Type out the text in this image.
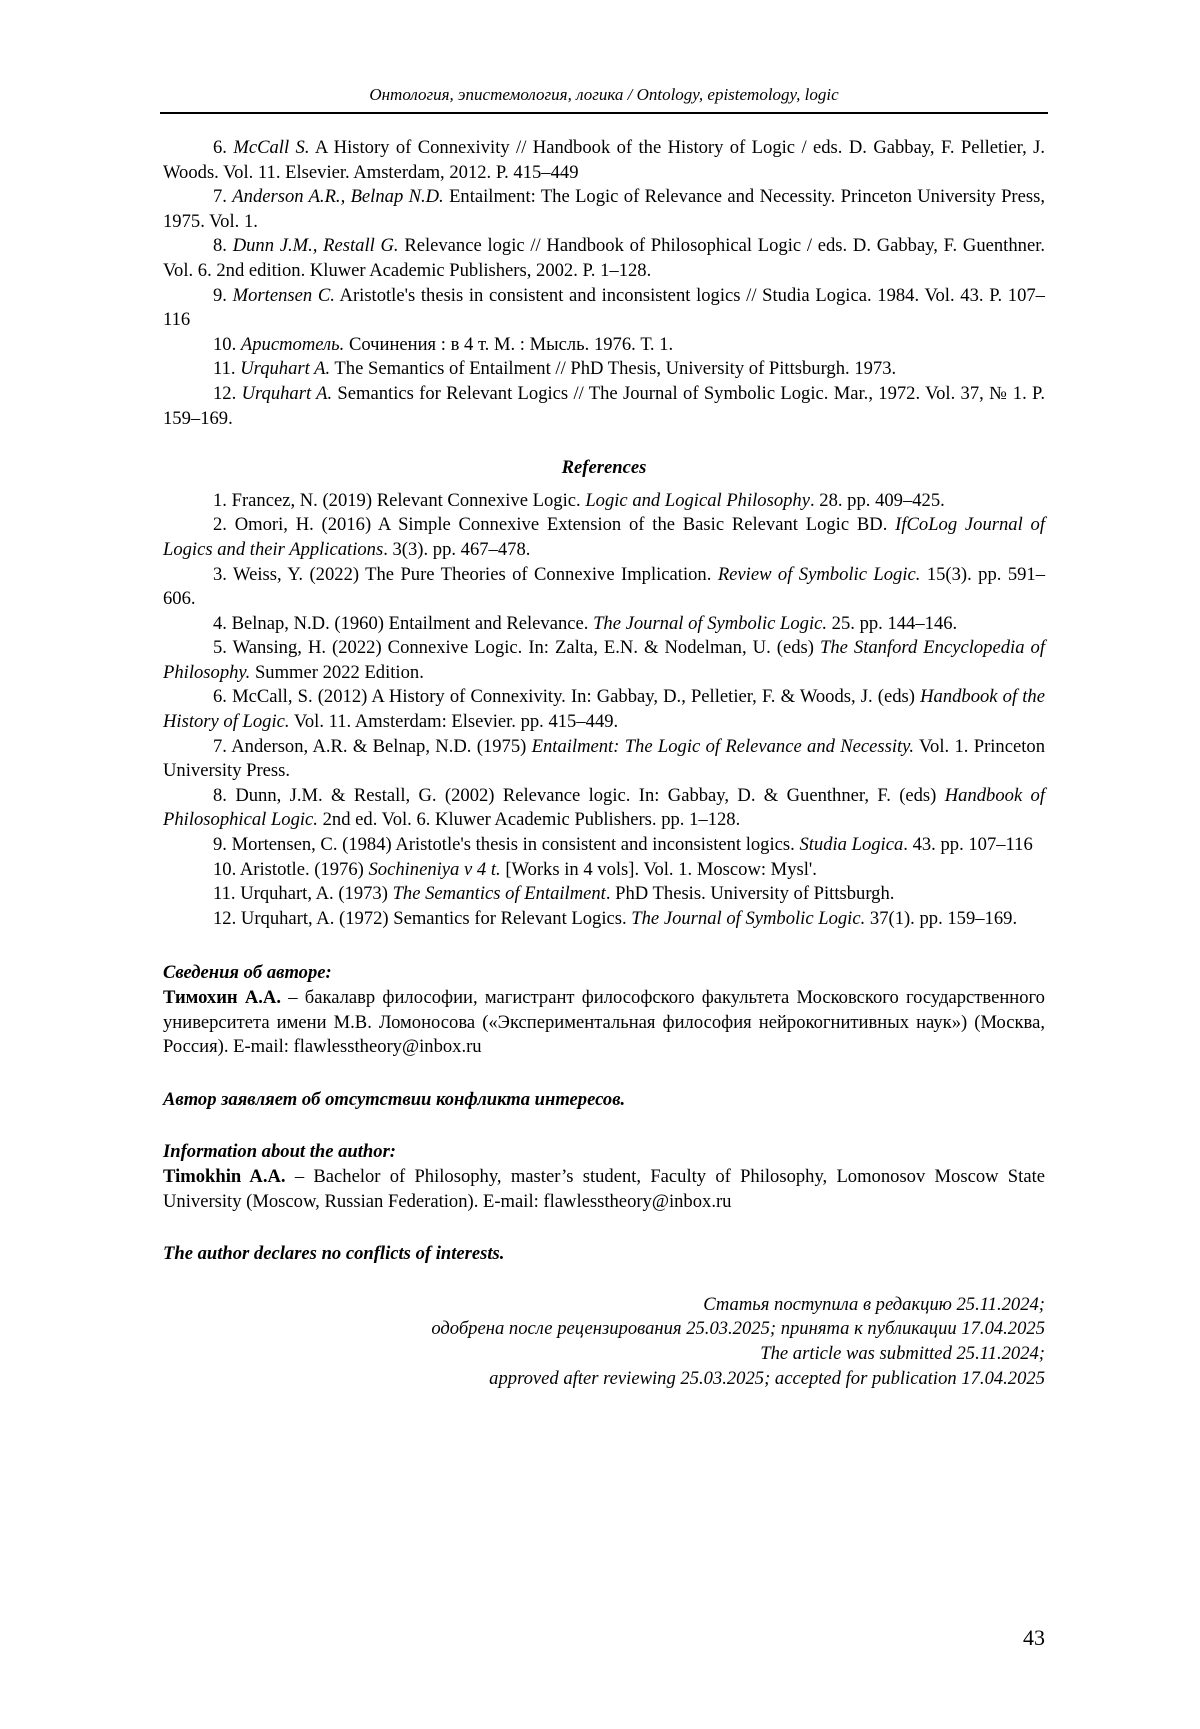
Онтология, эпистемология, логика / Ontology, epistemology, logic

6. McCall S. A History of Connexivity // Handbook of the History of Logic / eds. D. Gabbay, F. Pelletier, J. Woods. Vol. 11. Elsevier. Amsterdam, 2012. P. 415–449

7. Anderson A.R., Belnap N.D. Entailment: The Logic of Relevance and Necessity. Princeton University Press, 1975. Vol. 1.

8. Dunn J.M., Restall G. Relevance logic // Handbook of Philosophical Logic / eds. D. Gabbay, F. Guenthner. Vol. 6. 2nd edition. Kluwer Academic Publishers, 2002. P. 1–128.

9. Mortensen C. Aristotle's thesis in consistent and inconsistent logics // Studia Logica. 1984. Vol. 43. P. 107–116

10. Аристотель. Сочинения : в 4 т. М. : Мысль. 1976. Т. 1.

11. Urquhart A. The Semantics of Entailment // PhD Thesis, University of Pittsburgh. 1973.

12. Urquhart A. Semantics for Relevant Logics // The Journal of Symbolic Logic. Mar., 1972. Vol. 37, № 1. P. 159–169.

References

1. Francez, N. (2019) Relevant Connexive Logic. Logic and Logical Philosophy. 28. pp. 409–425.

2. Omori, H. (2016) A Simple Connexive Extension of the Basic Relevant Logic BD. IfCoLog Journal of Logics and their Applications. 3(3). pp. 467–478.

3. Weiss, Y. (2022) The Pure Theories of Connexive Implication. Review of Symbolic Logic. 15(3). pp. 591–606.

4. Belnap, N.D. (1960) Entailment and Relevance. The Journal of Symbolic Logic. 25. pp. 144–146.

5. Wansing, H. (2022) Connexive Logic. In: Zalta, E.N. & Nodelman, U. (eds) The Stanford Encyclopedia of Philosophy. Summer 2022 Edition.

6. McCall, S. (2012) A History of Connexivity. In: Gabbay, D., Pelletier, F. & Woods, J. (eds) Handbook of the History of Logic. Vol. 11. Amsterdam: Elsevier. pp. 415–449.

7. Anderson, A.R. & Belnap, N.D. (1975) Entailment: The Logic of Relevance and Necessity. Vol. 1. Princeton University Press.

8. Dunn, J.M. & Restall, G. (2002) Relevance logic. In: Gabbay, D. & Guenthner, F. (eds) Handbook of Philosophical Logic. 2nd ed. Vol. 6. Kluwer Academic Publishers. pp. 1–128.

9. Mortensen, C. (1984) Aristotle's thesis in consistent and inconsistent logics. Studia Logica. 43. pp. 107–116

10. Aristotle. (1976) Sochineniya v 4 t. [Works in 4 vols]. Vol. 1. Moscow: Mysl'.

11. Urquhart, A. (1973) The Semantics of Entailment. PhD Thesis. University of Pittsburgh.

12. Urquhart, A. (1972) Semantics for Relevant Logics. The Journal of Symbolic Logic. 37(1). pp. 159–169.

Сведения об авторе:

Тимохин А.А. – бакалавр философии, магистрант философского факультета Московского государственного университета имени М.В. Ломоносова («Экспериментальная философия нейрокогнитивных наук») (Москва, Россия). E-mail: flawlesstheory@inbox.ru

Автор заявляет об отсутствии конфликта интересов.

Information about the author:

Timokhin A.A. – Bachelor of Philosophy, master’s student, Faculty of Philosophy, Lomonosov Moscow State University (Moscow, Russian Federation). E-mail: flawlesstheory@inbox.ru

The author declares no conflicts of interests.

Статья поступила в редакцию 25.11.2024;
одобрена после рецензирования 25.03.2025; принята к публикации 17.04.2025
The article was submitted 25.11.2024;
approved after reviewing 25.03.2025; accepted for publication 17.04.2025
43
